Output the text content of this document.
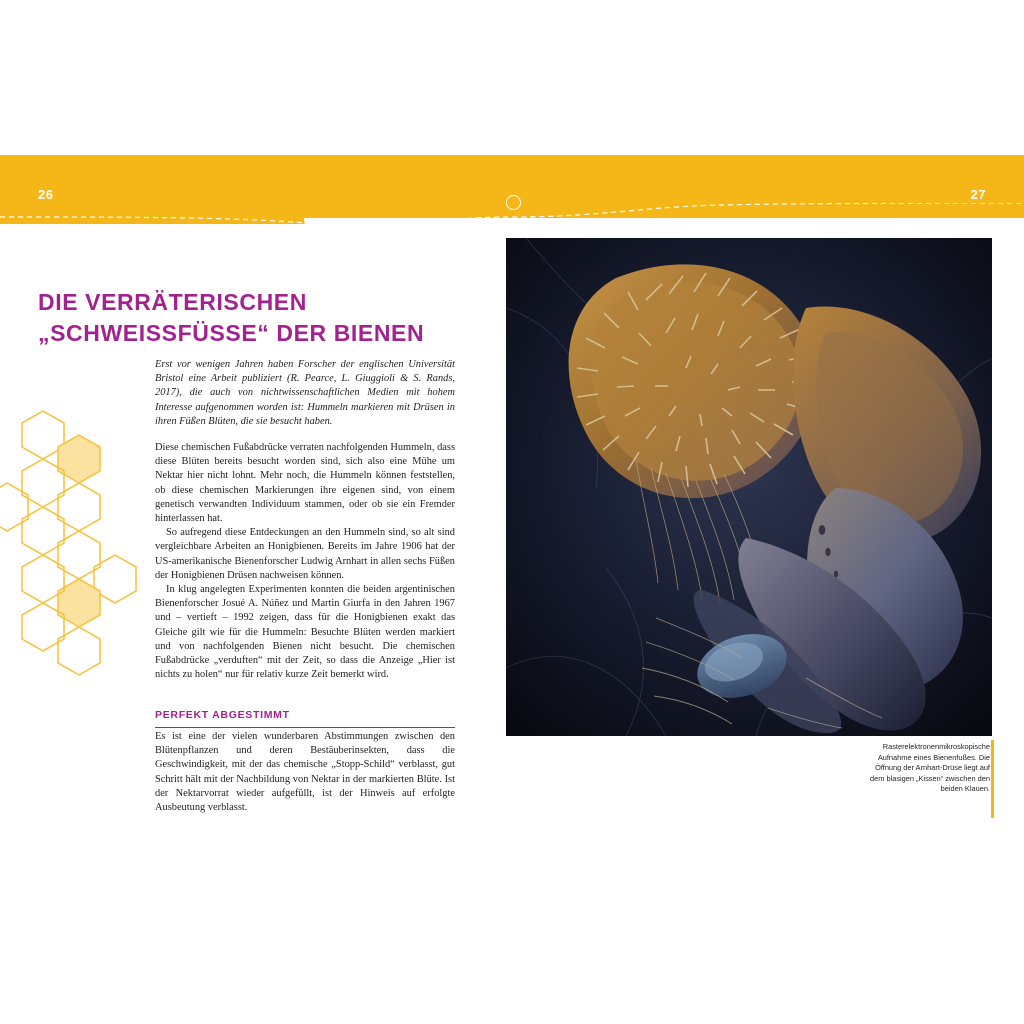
26	27
DIE VERRÄTERISCHEN
„SCHWEISSFÜSSE“ DER BIENEN

Erst vor wenigen Jahren haben Forscher der englischen Universität Bristol eine Arbeit publiziert (R. Pearce, L. Giuggioli & S. Rands, 2017), die auch von nichtwissenschaftlichen Medien mit hohem Interesse aufgenommen worden ist: Hummeln markieren mit Drüsen in ihren Füßen Blüten, die sie besucht haben.

Diese chemischen Fußabdrücke verraten nachfolgenden Hummeln, dass diese Blüten bereits besucht worden sind, sich also eine Mühe um Nektar hier nicht lohnt. Mehr noch, die Hummeln können feststellen, ob diese chemischen Markierungen ihre eigenen sind, von einem genetisch verwandten Individuum stammen, oder ob sie ein Fremder hinterlassen hat.

So aufregend diese Entdeckungen an den Hummeln sind, so alt sind vergleichbare Arbeiten an Honigbienen. Bereits im Jahre 1906 hat der US-amerikanische Bienenforscher Ludwig Arnhart in allen sechs Füßen der Honigbienen Drüsen nachweisen können.

In klug angelegten Experimenten konnten die beiden argentinischen Bienenforscher Josué A. Núñez und Martin Giurfa in den Jahren 1967 und – vertieft – 1992 zeigen, dass für die Honigbienen exakt das Gleiche gilt wie für die Hummeln: Besuchte Blüten werden markiert und von nachfolgenden Bienen nicht besucht. Die chemischen Fußabdrücke „verduften“ mit der Zeit, so dass die Anzeige „Hier ist nichts zu holen“ nur für relativ kurze Zeit bemerkt wird.

PERFEKT ABGESTIMMT

Es ist eine der vielen wunderbaren Abstimmungen zwischen den Blütenpflanzen und deren Bestäuberinsekten, dass die Geschwindigkeit, mit der das chemische „Stopp-Schild“ verblasst, gut Schritt hält mit der Nachbildung von Nektar in der markierten Blüte. Ist der Nektarvorrat wieder aufgefüllt, ist der Hinweis auf erfolgte Ausbeutung verblasst.

Rasterelektronenmikroskopische Aufnahme eines Bienenfußes. Die Öffnung der Arnhart-Drüse liegt auf dem blasigen „Kissen“ zwischen den beiden Klauen.
